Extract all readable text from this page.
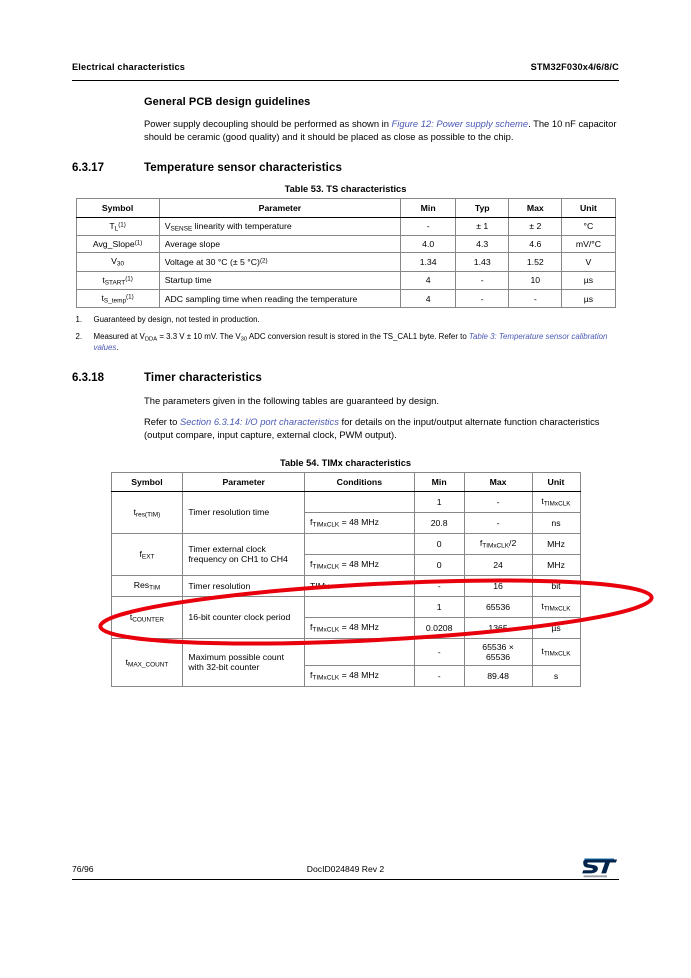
Electrical characteristics	STM32F030x4/6/8/C
General PCB design guidelines

Power supply decoupling should be performed as shown in Figure 12: Power supply scheme. The 10 nF capacitor should be ceramic (good quality) and it should be placed as close as possible to the chip.

6.3.17	Temperature sensor characteristics
Table 53. TS characteristics
Symbol	Parameter	Min	Typ	Max	Unit
$T_L^{(1)}$	$V_{SENSE}$ linearity with temperature	-	± 1	± 2	°C
Avg_Slope$^{(1)}$	Average slope	4.0	4.3	4.6	mV/°C
$V_{30}$	Voltage at 30 °C (± 5 °C)$^{(2)}$	1.34	1.43	1.52	V
$t_{START}^{(1)}$	Startup time	4	-	10	µs
$t_{S\_temp}^{(1)}$	ADC sampling time when reading the temperature	4	-	-	µs
1. Guaranteed by design, not tested in production.
2. Measured at $V_{DDA} = 3.3$ V ± 10 mV. The $V_{30}$ ADC conversion result is stored in the TS_CAL1 byte. Refer to Table 3: Temperature sensor calibration values.
6.3.18	Timer characteristics

The parameters given in the following tables are guaranteed by design.

Refer to Section 6.3.14: I/O port characteristics for details on the input/output alternate function characteristics (output compare, input capture, external clock, PWM output).

Table 54. TIMx characteristics
Symbol	Parameter	Conditions	Min	Max	Unit
$t_{res(TIM)}$	Timer resolution time		1	-	$t_{TIMxCLK}$
		$f_{TIMxCLK} = 48$ MHz	20.8	-	ns
$f_{EXT}$	Timer external clock frequency on CH1 to CH4		0	$f_{TIMxCLK}/2$	MHz
		$f_{TIMxCLK} = 48$ MHz	0	24	MHz
Res$_{TIM}$	Timer resolution	TIMx	-	16	bit
$t_{COUNTER}$	16-bit counter clock period		1	65536	$t_{TIMxCLK}$
		$f_{TIMxCLK} = 48$ MHz	0.0208	1365	µs
$t_{MAX\_COUNT}$	Maximum possible count with 32-bit counter		-	65536 × 65536	$t_{TIMxCLK}$
		$f_{TIMxCLK} = 48$ MHz	-	89.48	s
76/96	DocID024849 Rev 2
